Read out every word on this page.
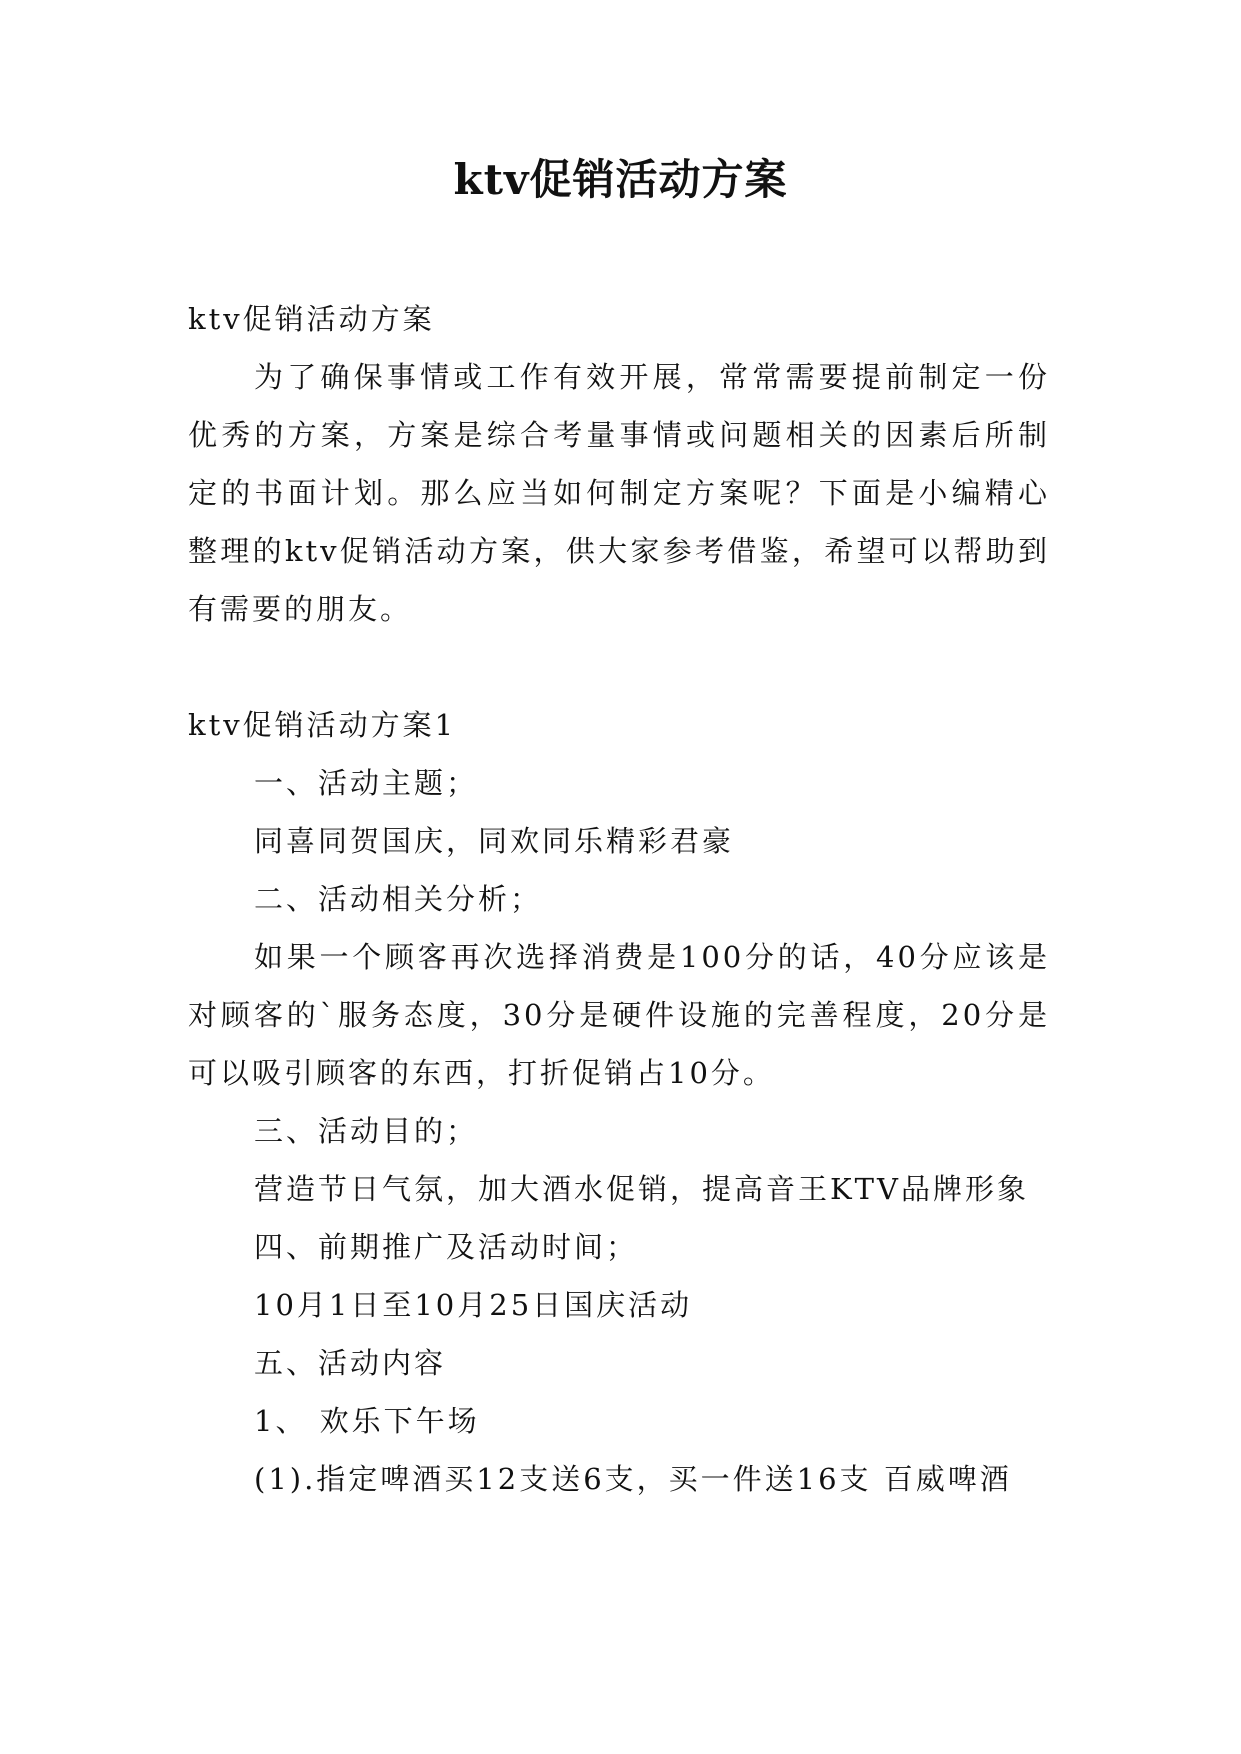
ktv促销活动方案

ktv促销活动方案

为了确保事情或工作有效开展，常常需要提前制定一份优秀的方案，方案是综合考量事情或问题相关的因素后所制定的书面计划。那么应当如何制定方案呢？下面是小编精心整理的ktv促销活动方案，供大家参考借鉴，希望可以帮助到有需要的朋友。

ktv促销活动方案1

一、活动主题；

同喜同贺国庆，同欢同乐精彩君豪

二、活动相关分析；

如果一个顾客再次选择消费是100分的话，40分应该是对顾客的`服务态度，30分是硬件设施的完善程度，20分是可以吸引顾客的东西，打折促销占10分。

三、活动目的；

营造节日气氛，加大酒水促销，提高音王KTV品牌形象

四、前期推广及活动时间；

10月1日至10月25日国庆活动

五、活动内容

1、 欢乐下午场

(1).指定啤酒买12支送6支，买一件送16支 百威啤酒
